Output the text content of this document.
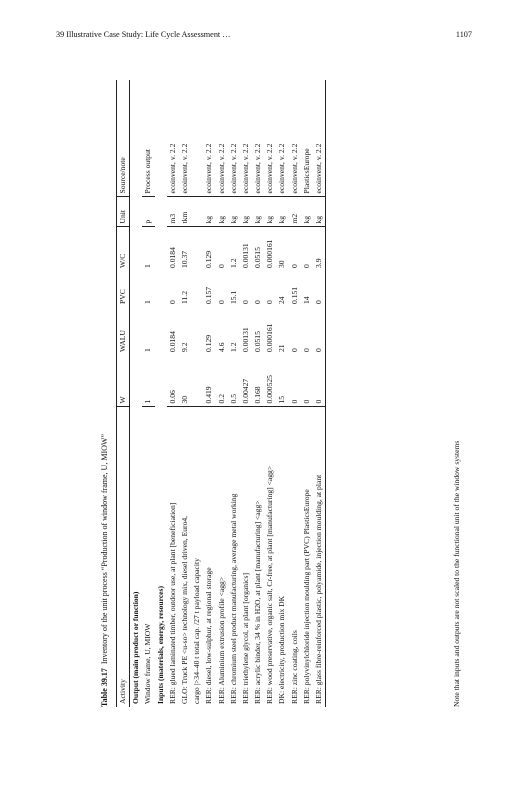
39 Illustrative Case Study: Life Cycle Assessment …	1107
Table 39.17Inventory of the unit process “Production of window frame, U, MIOW”
Activity	W	WALU	PVC	W/C	Unit	Source/note
Output (main product or function)						
Window frame, U, MIOW	1	1	1	1	p	Process output
Inputs (materials, energy, resources)						
RER: glued laminated timber, outdoor use, at plant [beneficiation]	0.06	0.0184	0	0.0184	m3	ecoinvent, v. 2.2
GLO: Truck PE <u-so> technology mix, diesel driven, Euro4,	30	9.2	11.2	10.37	tkm	ecoinvent, v. 2.2
cargo |>34–40 t total cap. /27 t payload capacity						
RER: diesel, low-sulphur, at regional storage	0.419	0.129	0.157	0.129	kg	ecoinvent, v. 2.2
RER: Aluminium extrusion profile <agg>	0.2	4.6	0	0	kg	ecoinvent, v. 2.2
RER: chromium steel product manufacturing, average metal working	0.5	1.2	15.1	1.2	kg	ecoinvent, v. 2.2
RER: triethylene glycol, at plant [organics]	0.00427	0.00131	0	0.00131	kg	ecoinvent, v. 2.2
RER: acrylic binder, 34 % in H2O, at plant [manufacturing] <agg>	0.168	0.0515	0	0.0515	kg	ecoinvent, v. 2.2
RER: wood preservative, organic salt, Cr-free, at plant [manufacturing] <agg>	0.000525	0.000161	0	0.000161	kg	ecoinvent, v. 2.2
DK: electricity, production mix DK	15	21	24	30	kg	ecoinvent, v. 2.2
RER: zinc coating, coils	0	0	0.151	0	m2	ecoinvent, v. 2.2
RER: polyvinylchloride injection moulding part (PVC) PlasticsEurope	0	0	14	0	kg	PlasticsEurope
RER: glass fibre-reinforced plastic, polyamide, injection moulding, at plant	0	0	0	3.9	kg	ecoinvent, v. 2.2
Note that inputs and outputs are not scaled to the functional unit of the window systems
